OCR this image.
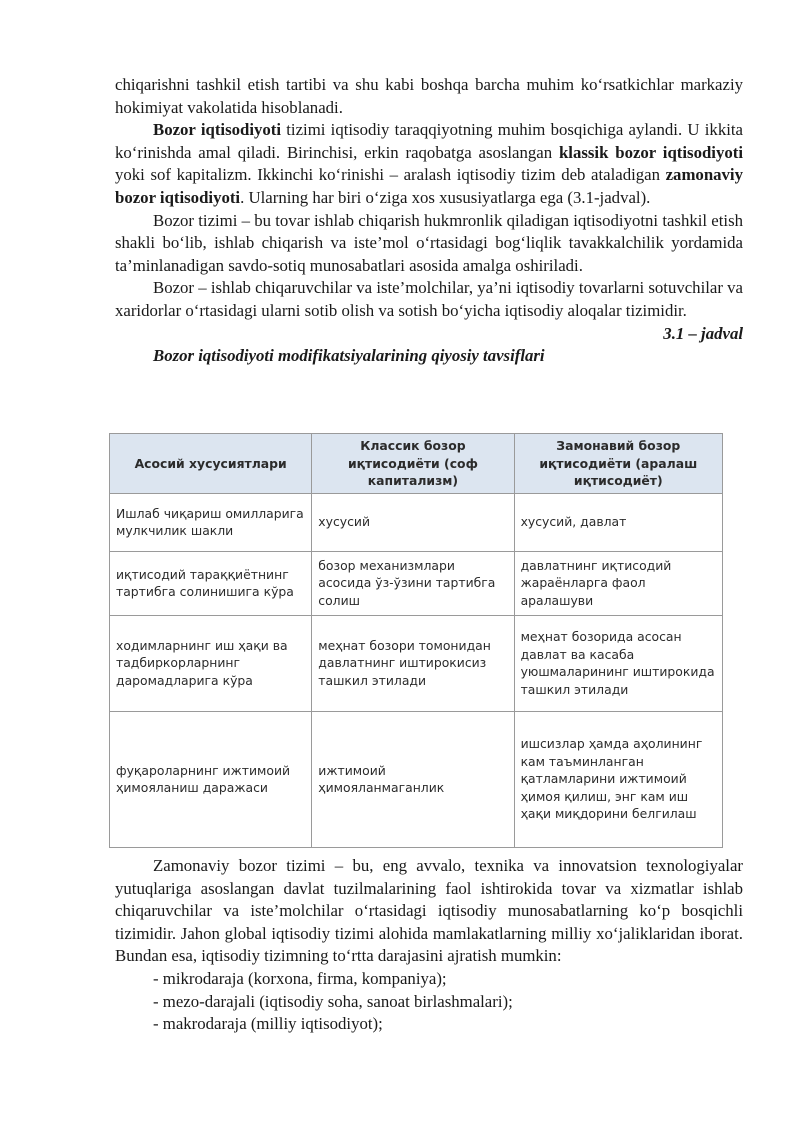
chiqarishni tashkil etish tartibi va shu kabi boshqa barcha muhim koʻrsatkichlar markaziy hokimiyat vakolatida hisoblanadi.

Bozor iqtisodiyoti tizimi iqtisodiy taraqqiyotning muhim bosqichiga aylandi. U ikkita koʻrinishda amal qiladi. Birinchisi, erkin raqobatga asoslangan klassik bozor iqtisodiyoti yoki sof kapitalizm. Ikkinchi koʻrinishi – aralash iqtisodiy tizim deb ataladigan zamonaviy bozor iqtisodiyoti. Ularning har biri oʻziga xos xususiyatlarga ega (3.1-jadval).

Bozor tizimi – bu tovar ishlab chiqarish hukmronlik qiladigan iqtisodiyotni tashkil etish shakli boʻlib, ishlab chiqarish va iste’mol oʻrtasidagi bogʻliqlik tavakkalchilik yordamida ta’minlanadigan savdo-sotiq munosabatlari asosida amalga oshiriladi.

Bozor – ishlab chiqaruvchilar va iste’molchilar, ya’ni iqtisodiy tovarlarni sotuvchilar va xaridorlar oʻrtasidagi ularni sotib olish va sotish boʻyicha iqtisodiy aloqalar tizimidir.

3.1 – jadval

Bozor iqtisodiyoti modifikatsiyalarining qiyosiy tavsiflari

Асосий хусусиятлари	Классик бозор иқтисодиёти (соф капитализм)	Замонавий бозор иқтисодиёти (аралаш иқтисодиёт)
Ишлаб чиқариш омилларига мулкчилик шакли	хусусий	хусусий, давлат
иқтисодий тараққиётнинг тартибга солинишига кўра	бозор механизмлари асосида ўз-ўзини тартибга солиш	давлатнинг иқтисодий жараёнларга фаол аралашуви
ходимларнинг иш ҳақи ва тадбиркорларнинг даромадларига кўра	меҳнат бозори томонидан давлатнинг иштирокисиз ташкил этилади	меҳнат бозорида асосан давлат ва касаба уюшмаларининг иштирокида ташкил этилади
фуқароларнинг ижтимоий ҳимояланиш даражаси	ижтимоий ҳимояланмаганлик	ишсизлар ҳамда аҳолининг кам таъминланган қатламларини ижтимоий ҳимоя қилиш, энг кам иш ҳақи миқдорини белгилаш

Zamonaviy bozor tizimi – bu, eng avvalo, texnika va innovatsion texnologiyalar yutuqlariga asoslangan davlat tuzilmalarining faol ishtirokida tovar va xizmatlar ishlab chiqaruvchilar va iste’molchilar oʻrtasidagi iqtisodiy munosabatlarning koʻp bosqichli tizimidir. Jahon global iqtisodiy tizimi alohida mamlakatlarning milliy xoʻjaliklaridan iborat. Bundan esa, iqtisodiy tizimning toʻrtta darajasini ajratish mumkin:

- mikrodaraja (korxona, firma, kompaniya);
- mezo-darajali (iqtisodiy soha, sanoat birlashmalari);
- makrodaraja (milliy iqtisodiyot);
